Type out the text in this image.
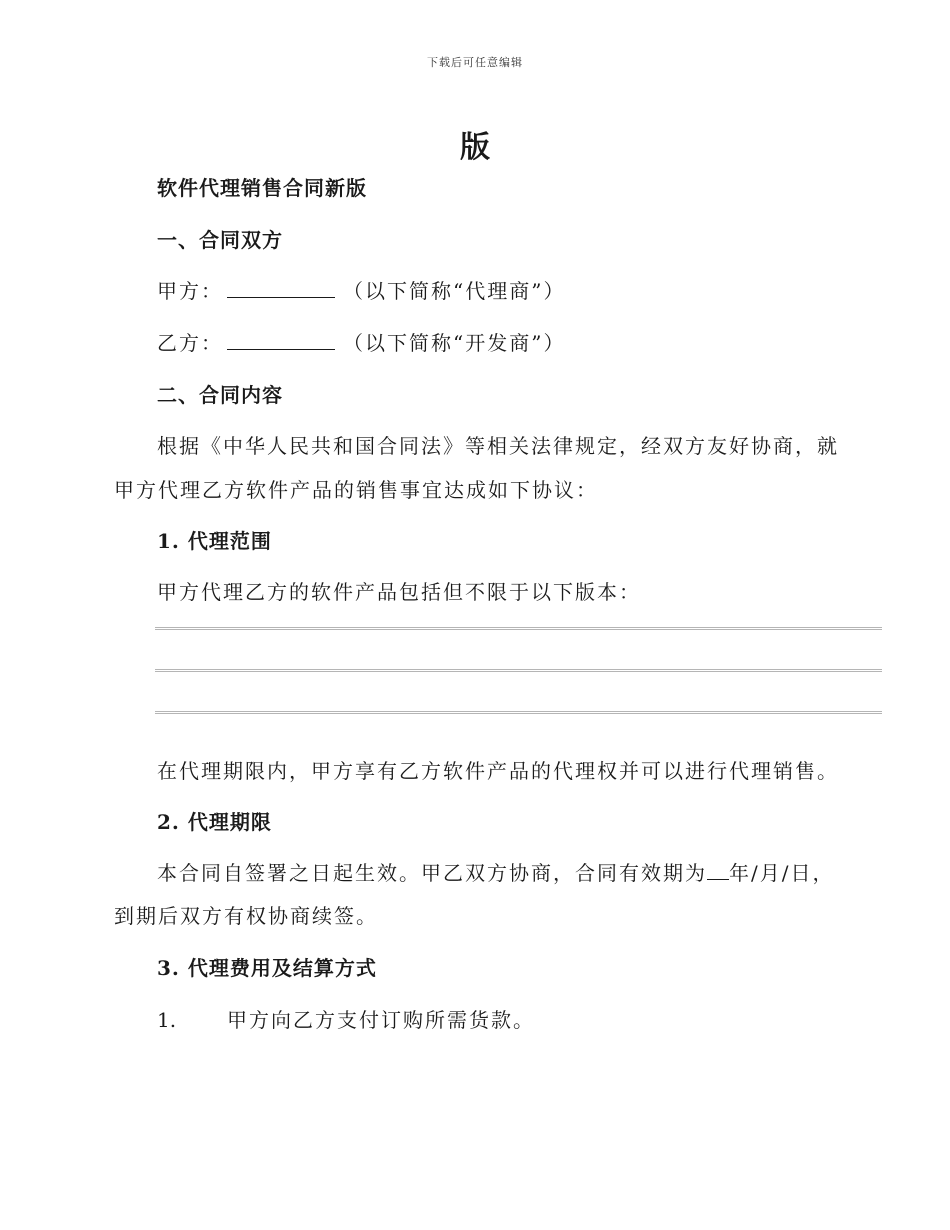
下载后可任意编辑
版
软件代理销售合同新版
一、合同双方
甲方：	（以下简称“代理商”）
乙方：	（以下简称“开发商”）
二、合同内容
根据《中华人民共和国合同法》等相关法律规定，经双方友好协商，就
甲方代理乙方软件产品的销售事宜达成如下协议：
1. 代理范围
甲方代理乙方的软件产品包括但不限于以下版本：
在代理期限内，甲方享有乙方软件产品的代理权并可以进行代理销售。
2. 代理期限
本合同自签署之日起生效。甲乙双方协商，合同有效期为 年/月/日，
到期后双方有权协商续签。
3. 代理费用及结算方式
1.	甲方向乙方支付订购所需货款。
